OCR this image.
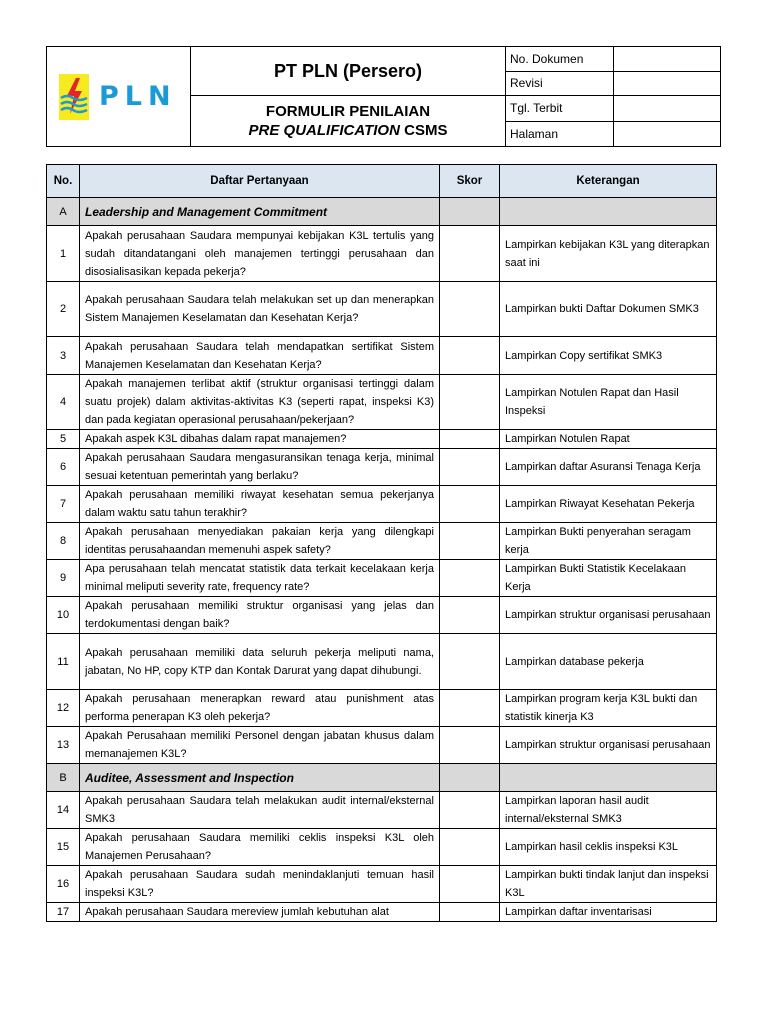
PLN	PT PLN (Persero)	No. Dokumen	
		Revisi	

	FORMULIR PENILAIAN
PRE QUALIFICATION CSMS	Tgl. Terbit	
		Halaman	
No.	Daftar Pertanyaan	Skor	Keterangan
A	Leadership and Management Commitment		
1	Apakah perusahaan Saudara mempunyai kebijakan K3L tertulis yang sudah ditandatangani oleh manajemen tertinggi perusahaan dan disosialisasikan kepada pekerja?		Lampirkan kebijakan K3L yang diterapkan saat ini
2	Apakah perusahaan Saudara telah melakukan set up dan menerapkan Sistem Manajemen Keselamatan dan Kesehatan Kerja?		Lampirkan bukti Daftar Dokumen SMK3
3	Apakah perusahaan Saudara telah mendapatkan sertifikat Sistem Manajemen Keselamatan dan Kesehatan Kerja?		Lampirkan Copy sertifikat SMK3
4	Apakah manajemen terlibat aktif (struktur organisasi tertinggi dalam suatu projek) dalam aktivitas-aktivitas K3 (seperti rapat, inspeksi K3) dan pada kegiatan operasional perusahaan/pekerjaan?		Lampirkan Notulen Rapat dan Hasil Inspeksi
5	Apakah aspek K3L dibahas dalam rapat manajemen?		Lampirkan Notulen Rapat
6	Apakah perusahaan Saudara mengasuransikan tenaga kerja, minimal sesuai ketentuan pemerintah yang berlaku?		Lampirkan daftar Asuransi Tenaga Kerja
7	Apakah perusahaan memiliki riwayat kesehatan semua pekerjanya dalam waktu satu tahun terakhir?		Lampirkan Riwayat Kesehatan Pekerja
8	Apakah perusahaan menyediakan pakaian kerja yang dilengkapi identitas perusahaandan memenuhi aspek safety?		Lampirkan Bukti penyerahan seragam kerja
9	Apa perusahaan telah mencatat statistik data terkait kecelakaan kerja minimal meliputi severity rate, frequency rate?		Lampirkan Bukti Statistik Kecelakaan Kerja
10	Apakah perusahaan memiliki struktur organisasi yang jelas dan terdokumentasi dengan baik?		Lampirkan struktur organisasi perusahaan
11	Apakah perusahaan memiliki data seluruh pekerja meliputi nama, jabatan, No HP, copy KTP dan Kontak Darurat yang dapat dihubungi.		Lampirkan database pekerja
12	Apakah perusahaan menerapkan reward atau punishment atas performa penerapan K3 oleh pekerja?		Lampirkan program kerja K3L bukti dan statistik kinerja K3
13	Apakah Perusahaan memiliki Personel dengan jabatan khusus dalam memanajemen K3L?		Lampirkan struktur organisasi perusahaan
B	Auditee, Assessment and Inspection		
14	Apakah perusahaan Saudara telah melakukan audit internal/eksternal SMK3		Lampirkan laporan hasil audit internal/eksternal SMK3
15	Apakah perusahaan Saudara memiliki ceklis inspeksi K3L oleh Manajemen Perusahaan?		Lampirkan hasil ceklis inspeksi K3L
16	Apakah perusahaan Saudara sudah menindaklanjuti temuan hasil inspeksi K3L?		Lampirkan bukti tindak lanjut dan inspeksi K3L
17	Apakah perusahaan Saudara mereview jumlah kebutuhan alat		Lampirkan daftar inventarisasi
